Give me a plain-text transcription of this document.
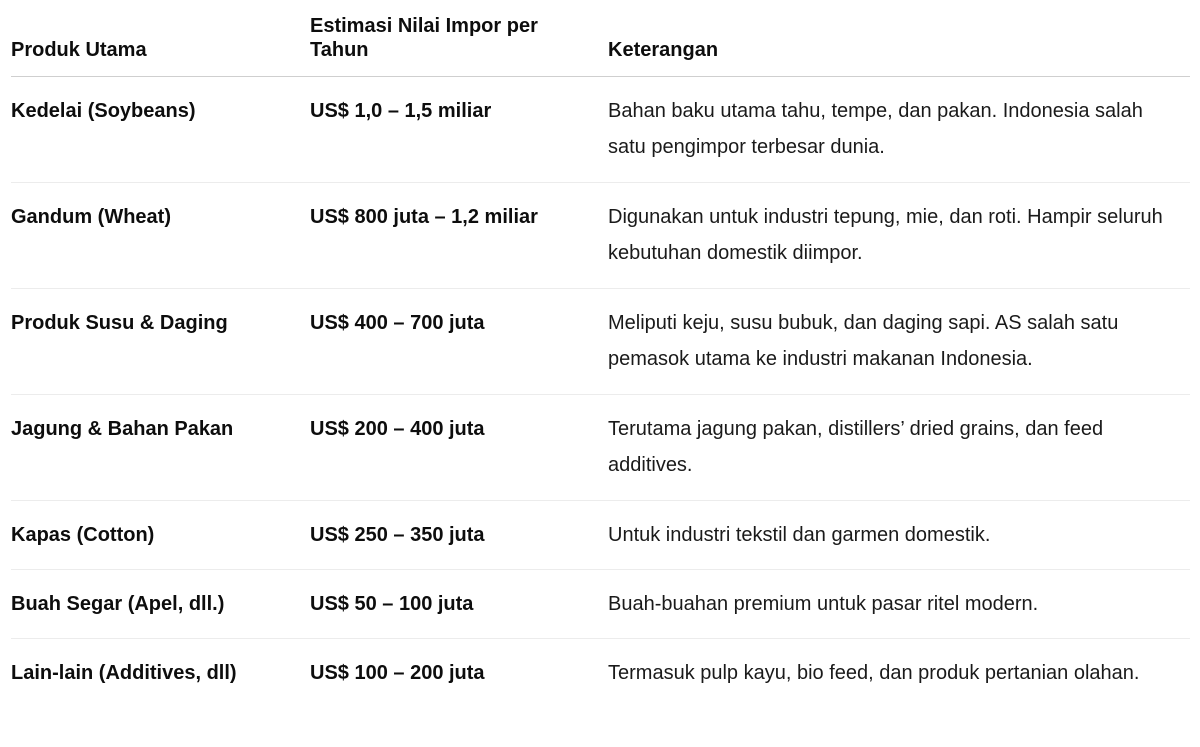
Produk Utama	Estimasi Nilai Impor per Tahun	Keterangan
Kedelai (Soybeans)	US$ 1,0 – 1,5 miliar	Bahan baku utama tahu, tempe, dan pakan. Indonesia salah satu pengimpor terbesar dunia.
Gandum (Wheat)	US$ 800 juta – 1,2 miliar	Digunakan untuk industri tepung, mie, dan roti. Hampir seluruh kebutuhan domestik diimpor.
Produk Susu & Daging	US$ 400 – 700 juta	Meliputi keju, susu bubuk, dan daging sapi. AS salah satu pemasok utama ke industri makanan Indonesia.
Jagung & Bahan Pakan	US$ 200 – 400 juta	Terutama jagung pakan, distillers’ dried grains, dan feed additives.
Kapas (Cotton)	US$ 250 – 350 juta	Untuk industri tekstil dan garmen domestik.
Buah Segar (Apel, dll.)	US$ 50 – 100 juta	Buah-buahan premium untuk pasar ritel modern.
Lain-lain (Additives, dll)	US$ 100 – 200 juta	Termasuk pulp kayu, bio feed, dan produk pertanian olahan.
